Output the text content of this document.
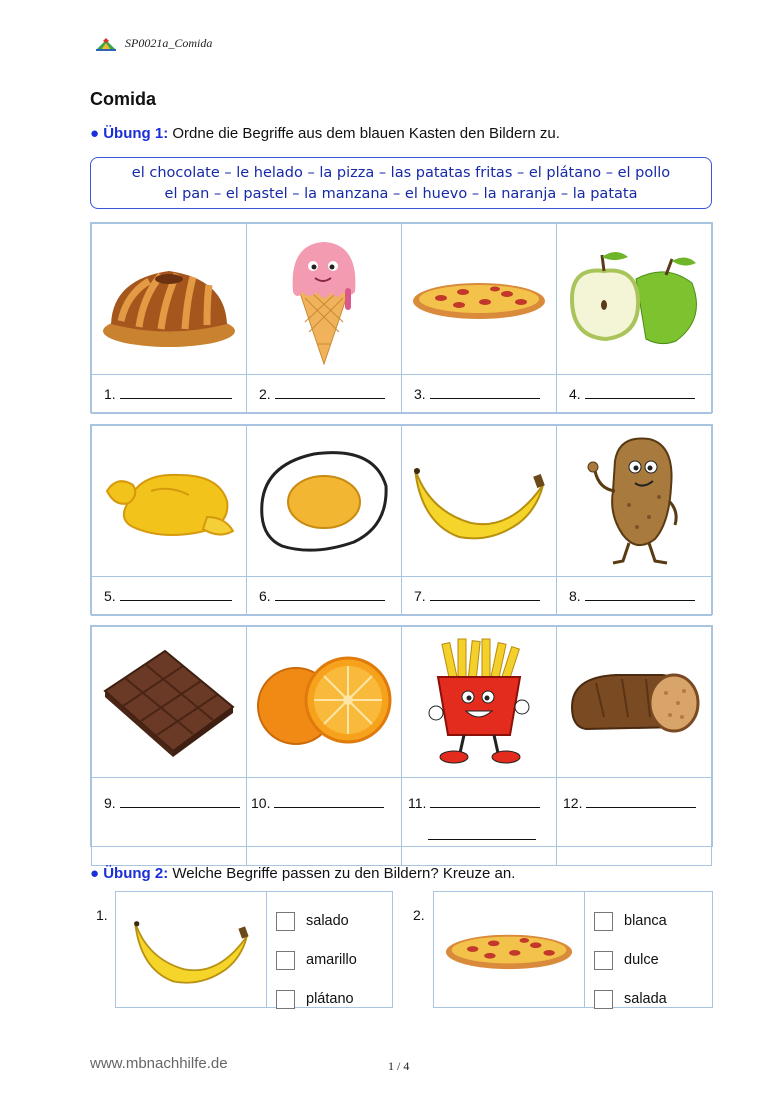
SP0021a_Comida
Comida
● Übung 1: Ordne die Begriffe aus dem blauen Kasten den Bildern zu.
el chocolate – le helado – la pizza – las patatas fritas – el plátano – el pollo
el pan – el pastel – la manzana – el huevo – la naranja – la patata

1.	2.	3.	4.

5.	6.	7.	8.

9.	10.	11.	12.
● Übung 2: Welche Begriffe passen zu den Bildern? Kreuze an.
1.	salado
amarillo
plátano
2.	blanca
dulce
salada
www.mbnachhilfe.de	1 / 4
